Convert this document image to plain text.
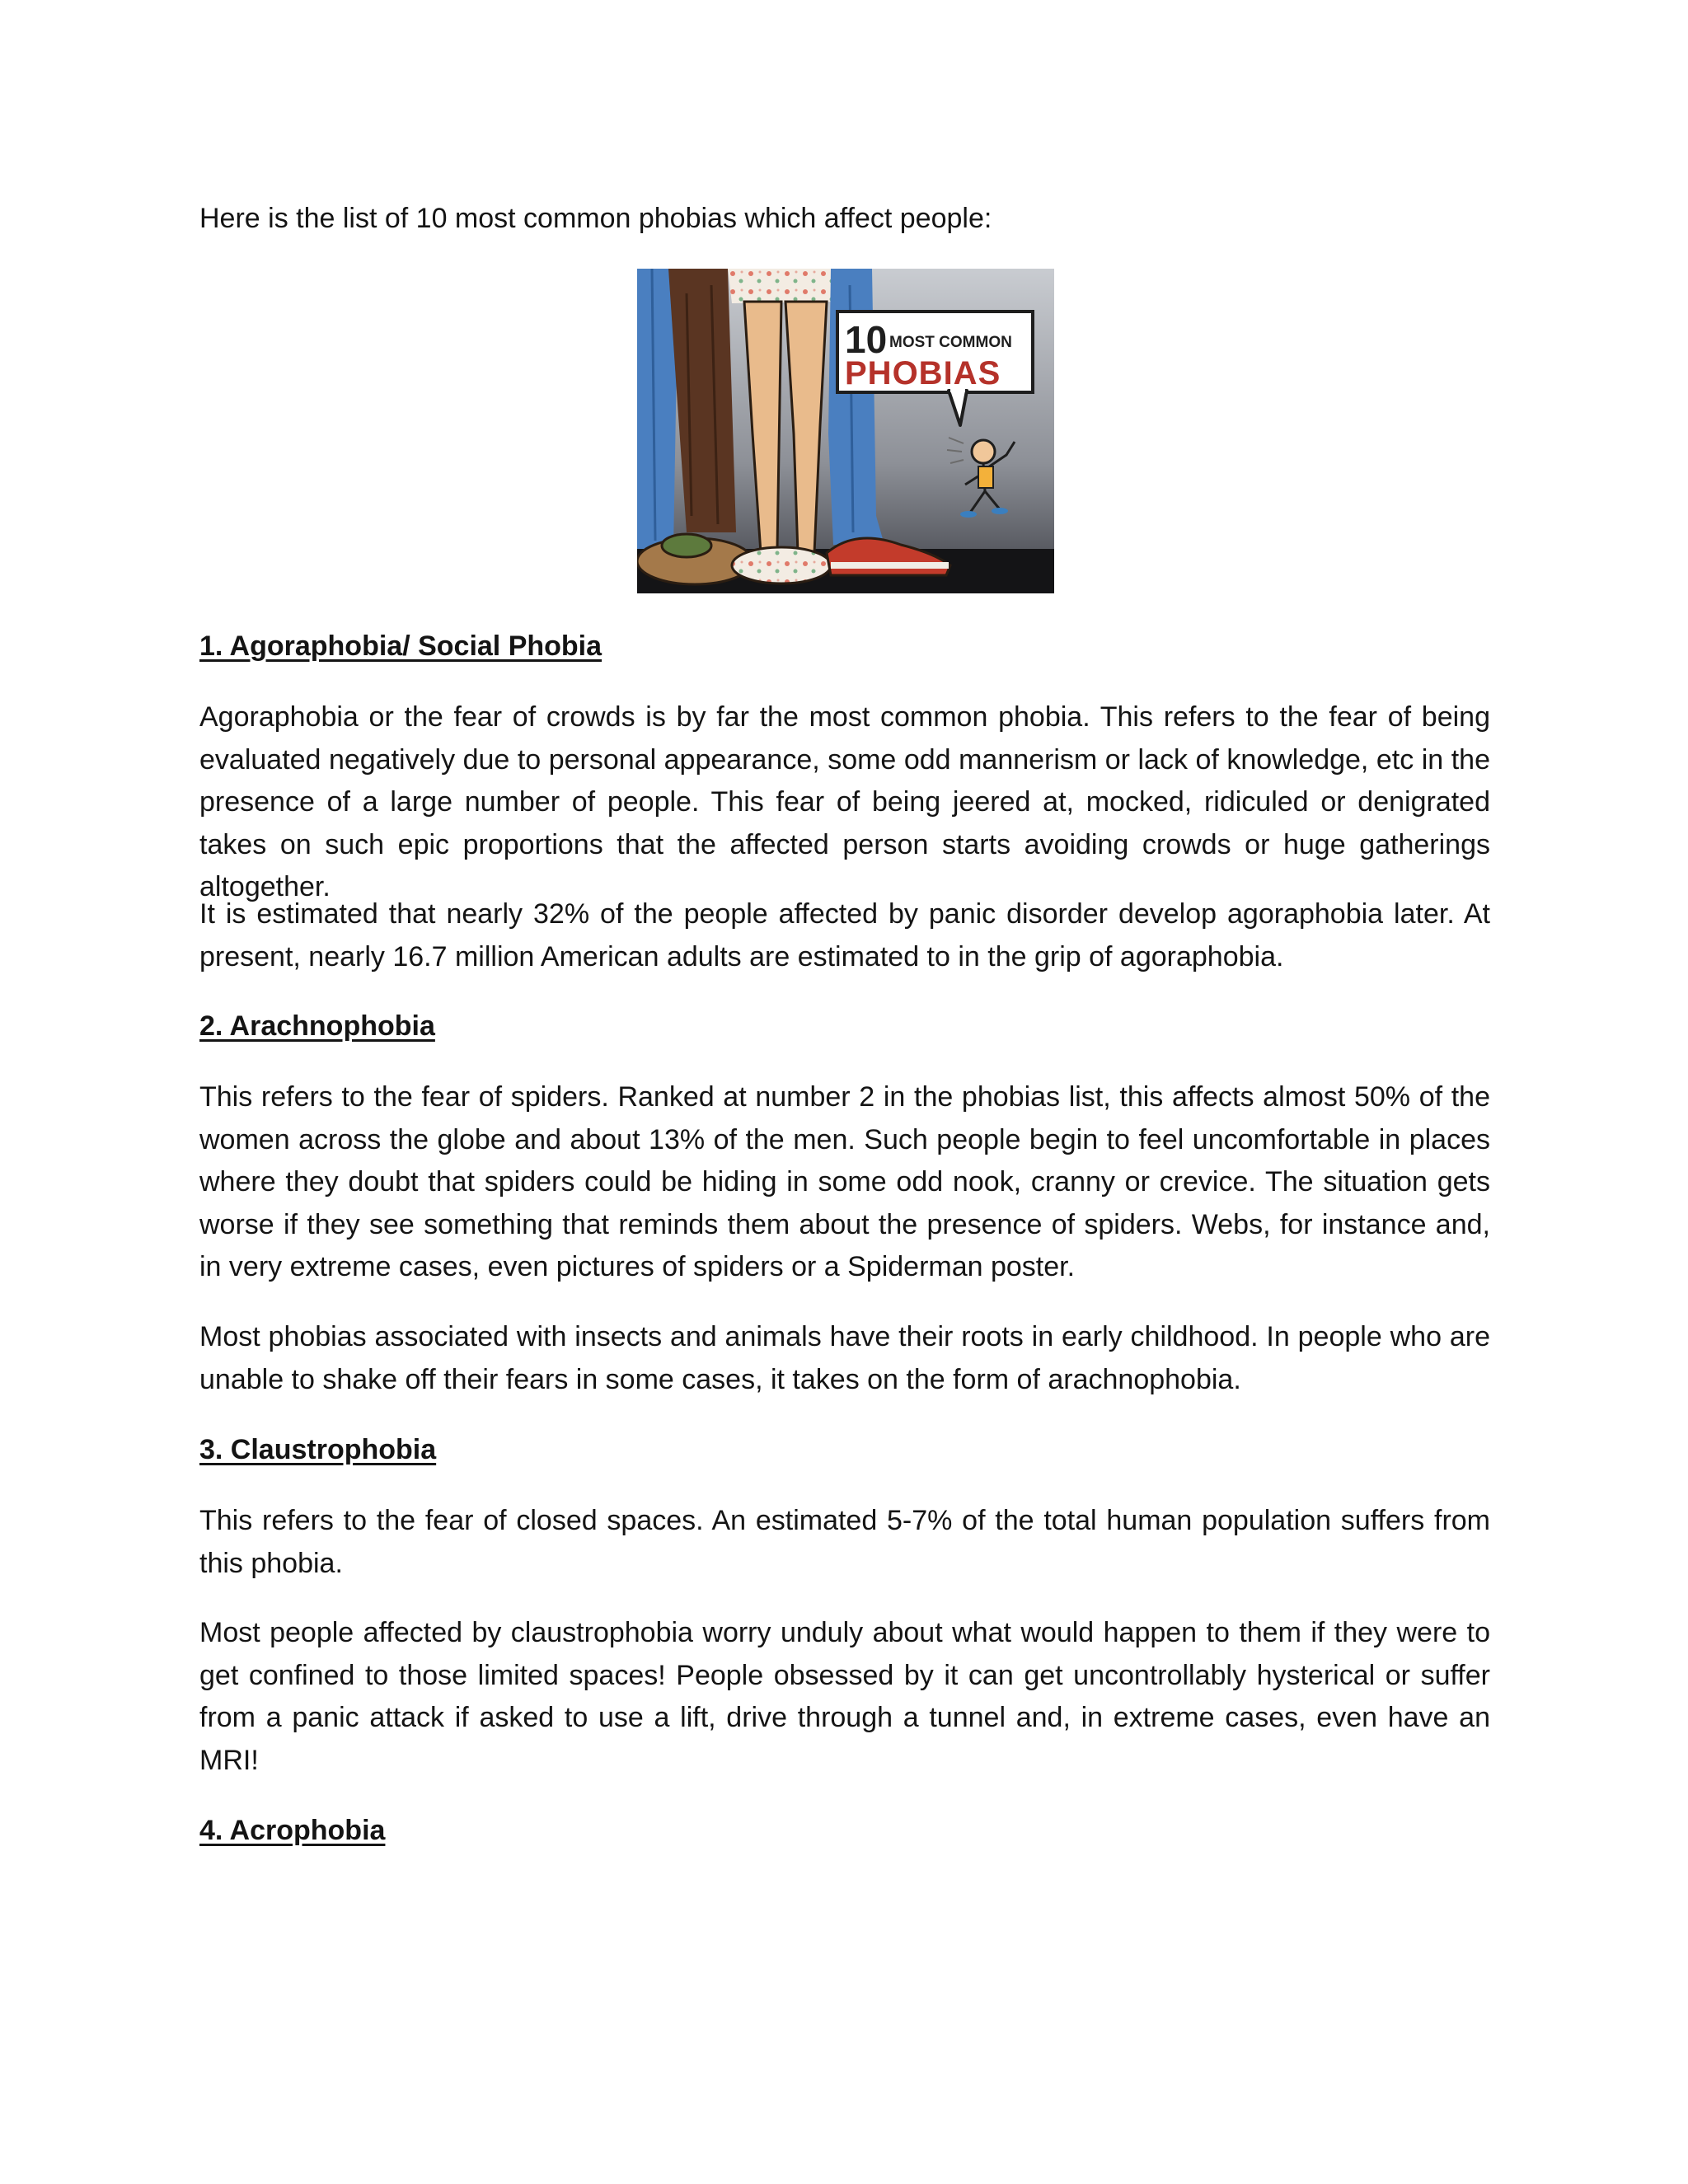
Here is the list of 10 most common phobias which affect people:
10 MOST COMMON
PHOBIAS
1. Agoraphobia/ Social Phobia
Agoraphobia or the fear of crowds is by far the most common phobia. This refers to the fear of being evaluated negatively due to personal appearance, some odd mannerism or lack of knowledge, etc in the presence of a large number of people. This fear of being jeered at, mocked, ridiculed or denigrated takes on such epic proportions that the affected person starts avoiding crowds or huge gatherings altogether.
It is estimated that nearly 32% of the people affected by panic disorder develop agoraphobia later. At present, nearly 16.7 million American adults are estimated to in the grip of agoraphobia.
2. Arachnophobia
This refers to the fear of spiders. Ranked at number 2 in the phobias list, this affects almost 50% of the women across the globe and about 13% of the men. Such people begin to feel uncomfortable in places where they doubt that spiders could be hiding in some odd nook, cranny or crevice. The situation gets worse if they see something that reminds them about the presence of spiders. Webs, for instance and, in very extreme cases, even pictures of spiders or a Spiderman poster.
Most phobias associated with insects and animals have their roots in early childhood. In people who are unable to shake off their fears in some cases, it takes on the form of arachnophobia.
3. Claustrophobia
This refers to the fear of closed spaces. An estimated 5-7% of the total human population suffers from this phobia.
Most people affected by claustrophobia worry unduly about what would happen to them if they were to get confined to those limited spaces! People obsessed by it can get uncontrollably hysterical or suffer from a panic attack if asked to use a lift, drive through a tunnel and, in extreme cases, even have an MRI!
4. Acrophobia
